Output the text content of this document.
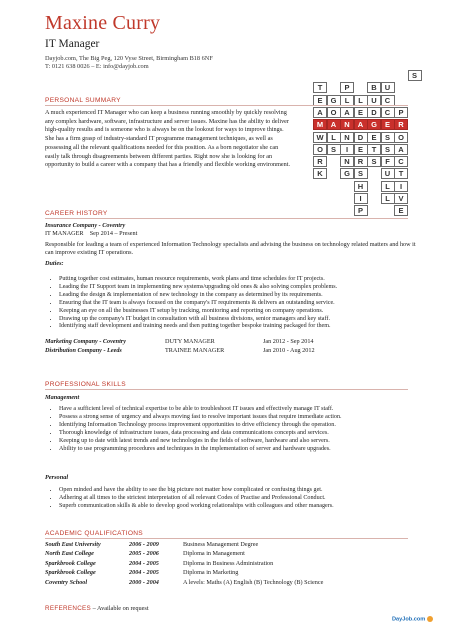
Maxine Curry
IT Manager
Dayjob.com, The Big Peg, 120 Vyse Street, Birmingham B18 6NF
T: 0121 638 0026 – E: info@dayjob.com
S
T	P	B	U
E	G	L	L	U	C
A	O	A	E	D	C	P
M	A	N	A	G	E	R
W	L	N	D	E	S	O
O	S	I	E	T	S	A
R	N	R	S	F	C
K	G	S	U	T
H	L	I
I	L	V
P	E
PERSONAL SUMMARY

A much experienced IT Manager who can keep a business running smoothly by quickly resolving any complex hardware, software, infrastructure and server issues. Maxine has the ability to deliver high-quality results and is someone who is always be on the lookout for ways to improve things. She has a firm grasp of industry-standard IT programme management techniques, as well as possessing all the relevant qualifications needed for this position. As a born negotiator she can easily talk through disagreements between different parties. Right now she is looking for an opportunity to build a career with a company that has a friendly and flexible working environment.

CAREER HISTORY
Insurance Company - Coventry
IT MANAGER    Sep 2014 – Present
Responsible for leading a team of experienced Information Technology specialists and advising the business on technology related matters and how it can improve existing IT operations.
Duties:
• Putting together cost estimates, human resource requirements, work plans and time schedules for IT projects.
• Leading the IT Support team in implementing new systems/upgrading old ones & also solving complex problems.
• Leading the design & implementation of new technology in the company as determined by its requirements.
• Ensuring that the IT team is always focused on the company's IT requirements & delivers an outstanding service.
• Keeping an eye on all the businesses IT setup by tracking, monitoring and reporting on company operations.
• Drawing up the company's IT budget in consultation with all business divisions, senior managers and key staff.
• Identifying staff development and training needs and then putting together bespoke training packaged for them.
Marketing Company - Coventry	DUTY MANAGER	Jan 2012 - Sep 2014
Distribution Company - Leeds	TRAINEE MANAGER	Jan 2010 - Aug 2012
PROFESSIONAL SKILLS
Management
• Have a sufficient level of technical expertise to be able to troubleshoot IT issues and effectively manage IT staff.
• Possess a strong sense of urgency and always moving fast to resolve important issues that require immediate action.
• Identifying Information Technology process improvement opportunities to drive efficiency through the operation.
• Thorough knowledge of infrastructure issues, data processing and data communications concepts and services.
• Keeping up to date with latest trends and new technologies in the fields of software, hardware and also servers.
• Ability to use programming procedures and techniques in the implementation of server and hardware upgrades.
Personal
• Open minded and have the ability to see the big picture not matter how complicated or confusing things get.
• Adhering at all times to the strictest interpretation of all relevant Codes of Practise and Professional Conduct.
• Superb communication skills & able to develop good working relationships with colleagues and other managers.
ACADEMIC QUALIFICATIONS
South East University	2006 - 2009	Business Management Degree
North East College	2005 - 2006	Diploma in Management
Sparkbrook College	2004 - 2005	Diploma in Business Administration
Sparkbrook College	2004 - 2005	Diploma in Marketing
Coventry School	2000 - 2004	A levels: Maths (A) English (B) Technology (B) Science
REFERENCES – Available on request
DayJob.com
